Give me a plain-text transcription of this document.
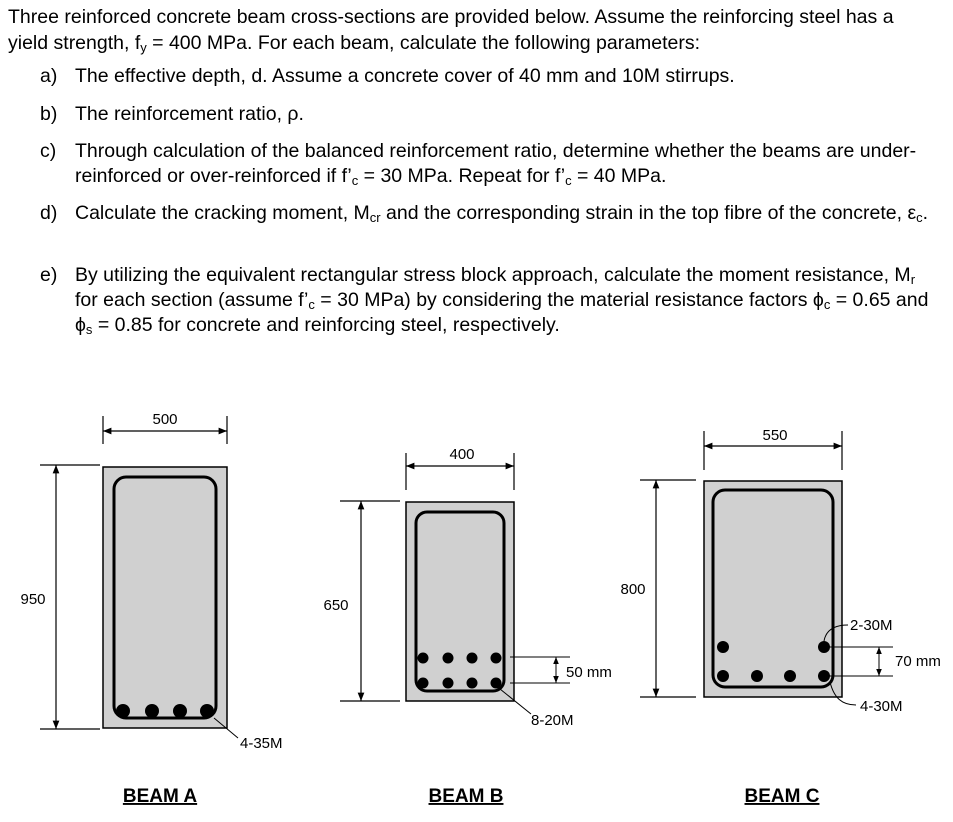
Three reinforced concrete beam cross-sections are provided below. Assume the reinforcing steel has a yield strength, $f_y = 400$ MPa. For each beam, calculate the following parameters:

a) The effective depth, d. Assume a concrete cover of 40 mm and 10M stirrups.
b) The reinforcement ratio, ρ.
c) Through calculation of the balanced reinforcement ratio, determine whether the beams are under-reinforced or over-reinforced if $f’_c = 30$ MPa. Repeat for $f’_c = 40$ MPa.
d) Calculate the cracking moment, $M_{cr}$ and the corresponding strain in the top fibre of the concrete, $\varepsilon_c$.
e) By utilizing the equivalent rectangular stress block approach, calculate the moment resistance, $M_r$ for each section (assume $f’_c = 30$ MPa) by considering the material resistance factors $\phi_c = 0.65$ and $\phi_s = 0.85$ for concrete and reinforcing steel, respectively.
500
950
4-35M
BEAM A
400
650
50 mm
8-20M
BEAM B
550
800
70 mm
2-30M
4-30M
BEAM C
